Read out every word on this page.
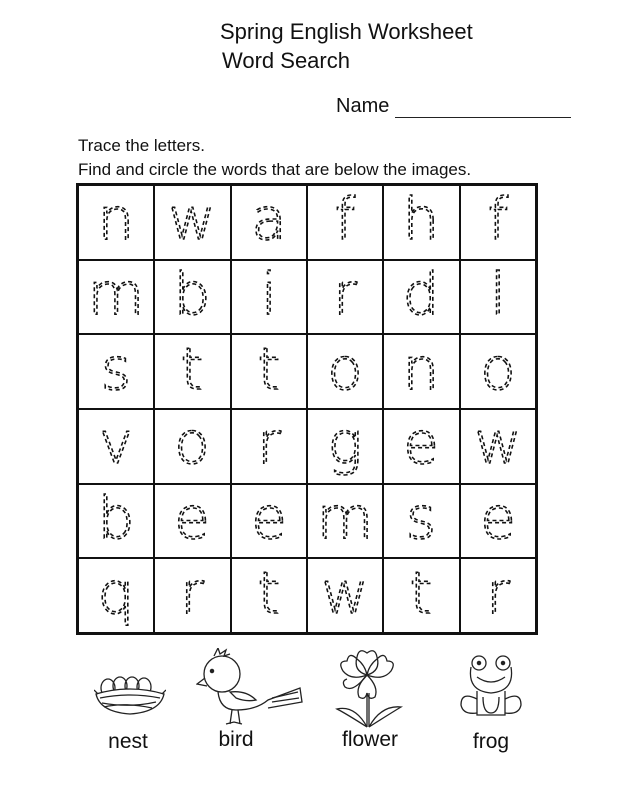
Spring English Worksheet
Word Search
Name
Trace the letters.
Find and circle the words that are below the images.
n w a f h f
m b i r d l
s t t o n o
v o r g e w
b e e m s e
q r t w t r
nest	bird	flower	frog
